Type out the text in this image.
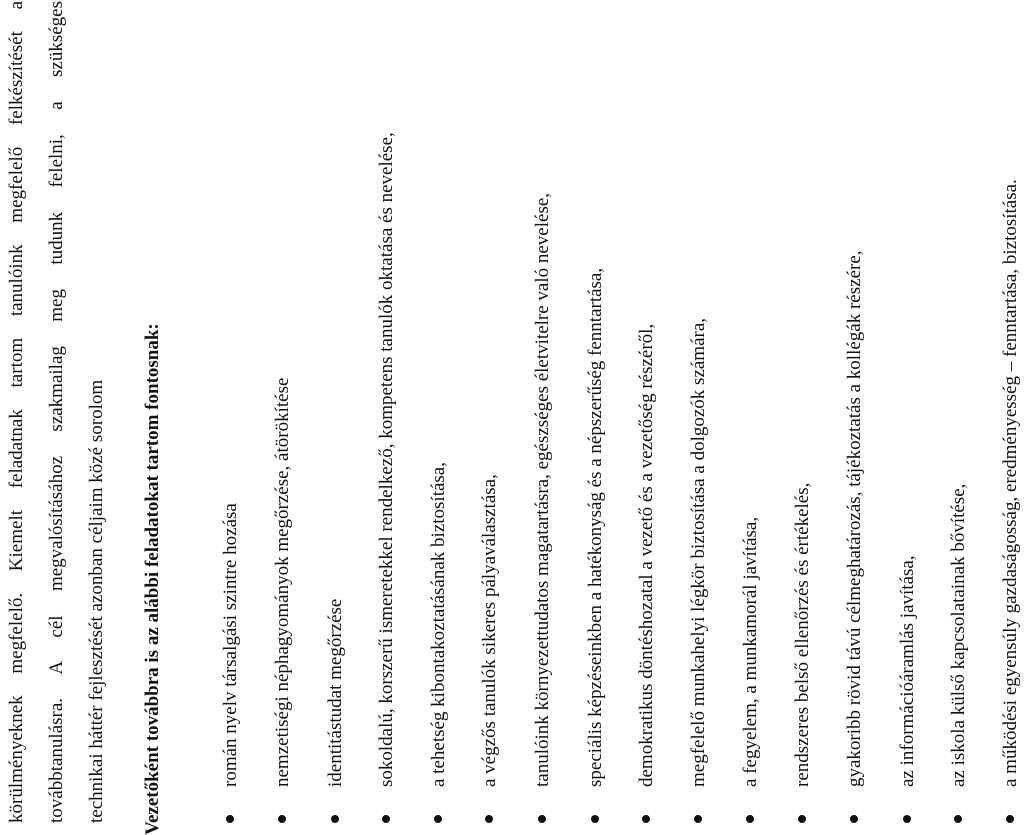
körülményeknek megfelelő. Kiemelt feladatnak tartom tanulóink megfelelő felkészítését a továbbtanulásra. A cél megvalósításához szakmailag meg tudunk felelni, a szükséges technikai háttér fejlesztését azonban céljaim közé sorolom Vezetőként továbbra is az alábbi feladatokat tartom fontosnak:	román nyelv társalgási szintre hozása nemzetiségi néphagyományok megőrzése, átörökítése identitástudat megőrzése sokoldalú, korszerű ismeretekkel rendelkező, kompetens tanulók oktatása és nevelése, a tehetség kibontakoztatásának biztosítása, a végzős tanulók sikeres pályaválasztása, tanulóink környezettudatos magatartásra, egészséges életvitelre való nevelése, speciális képzéseinkben a hatékonyság és a népszerűség fenntartása, demokratikus döntéshozatal a vezető és a vezetőség részéről, megfelelő munkahelyi légkör biztosítása a dolgozók számára, a fegyelem, a munkamorál javítása, rendszeres belső ellenőrzés és értékelés, gyakoribb rövid távú célmeghatározás, tájékoztatás a kollégák részére, az információáramlás javítása, az iskola külső kapcsolatainak bővítése, a működési egyensúly gazdaságosság, eredményesség – fenntartása, biztosítása.
